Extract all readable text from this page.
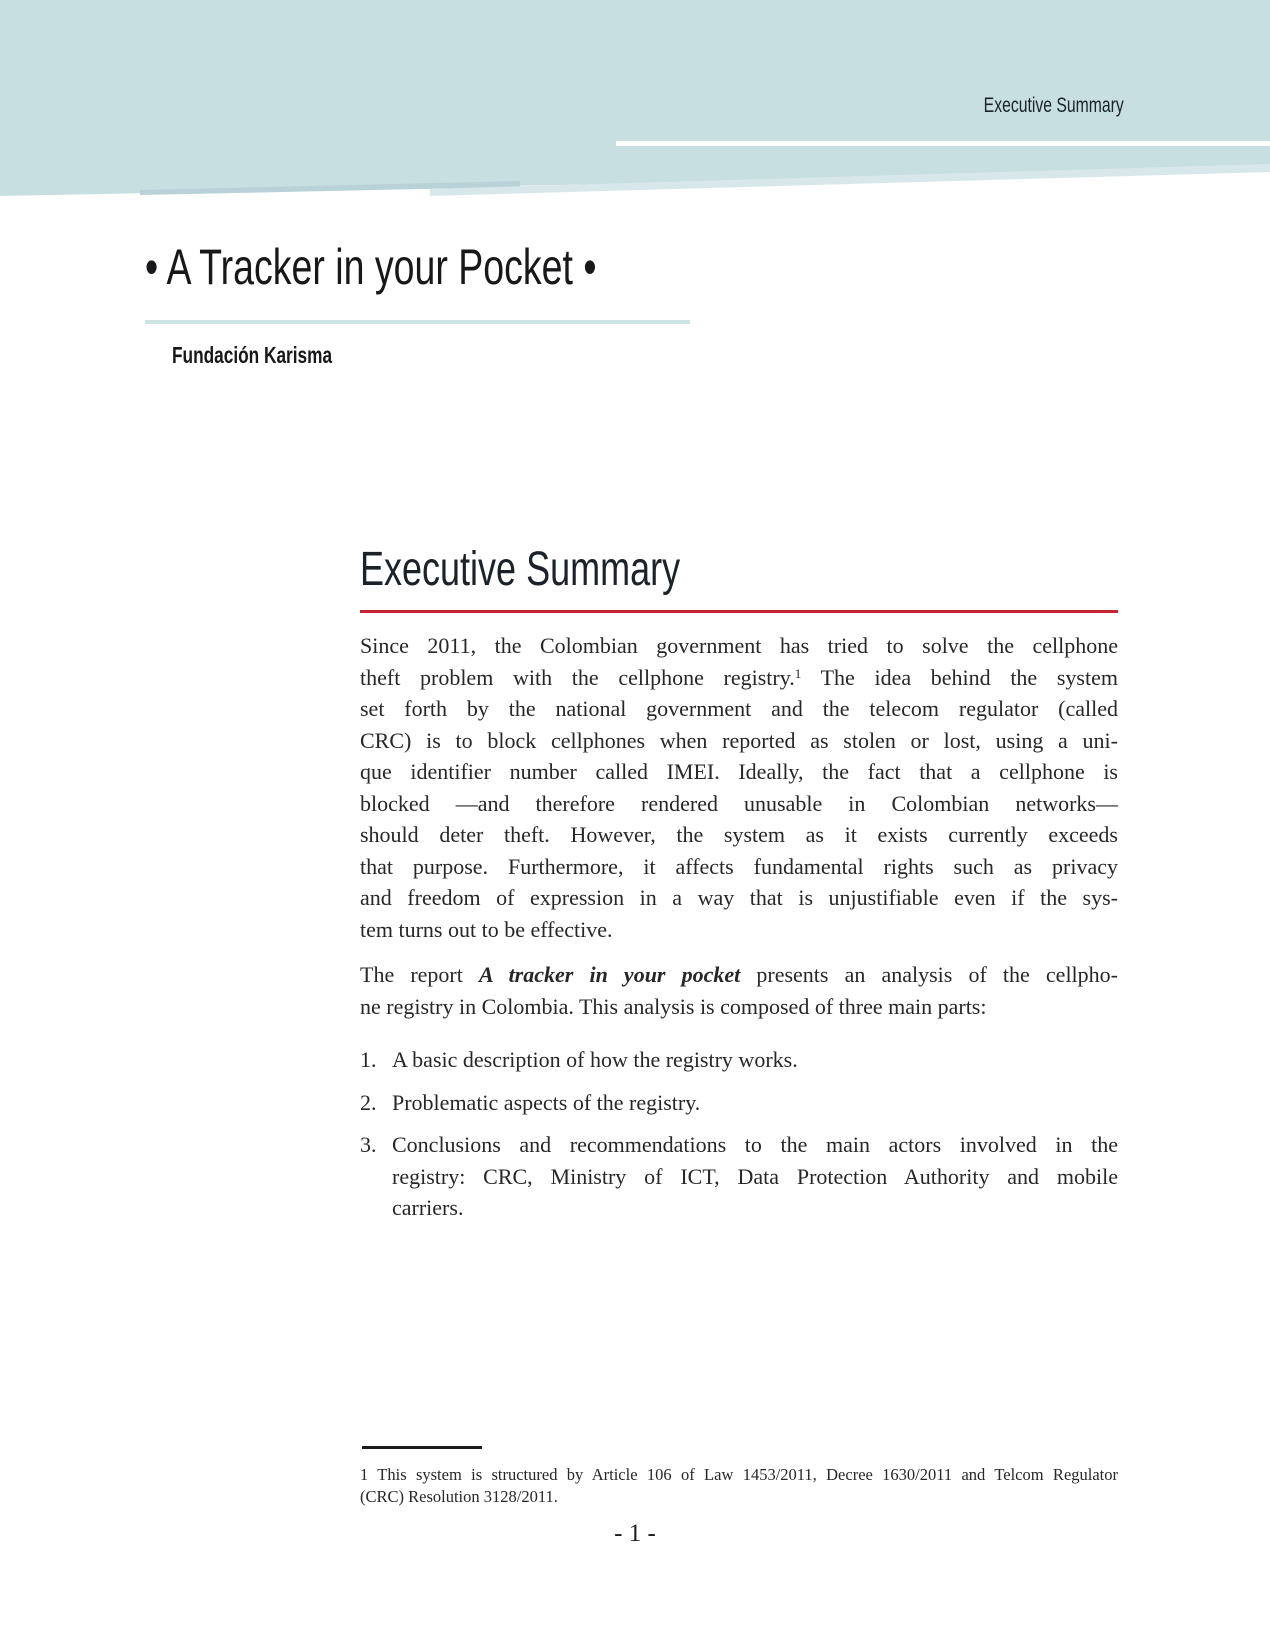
Executive Summary
• A Tracker in your Pocket •
Fundación Karisma
Executive Summary
Since 2011, the Colombian government has tried to solve the cellphone
theft problem with the cellphone registry.$^1$ The idea behind the system
set forth by the national government and the telecom regulator (called
CRC) is to block cellphones when reported as stolen or lost, using a uni-
que identifier number called IMEI. Ideally, the fact that a cellphone is
blocked —and therefore rendered unusable in Colombian networks—
should deter theft. However, the system as it exists currently exceeds
that purpose. Furthermore, it affects fundamental rights such as privacy
and freedom of expression in a way that is unjustifiable even if the sys-
tem turns out to be effective.
The report A tracker in your pocket presents an analysis of the cellpho-
ne registry in Colombia. This analysis is composed of three main parts:
1. A basic description of how the registry works.
2. Problematic aspects of the registry.
3. Conclusions and recommendations to the main actors involved in the
registry: CRC, Ministry of ICT, Data Protection Authority and mobile
carriers.
1 This system is structured by Article 106 of Law 1453/2011, Decree 1630/2011 and Telcom Regulator
(CRC) Resolution 3128/2011.
- 1 -
